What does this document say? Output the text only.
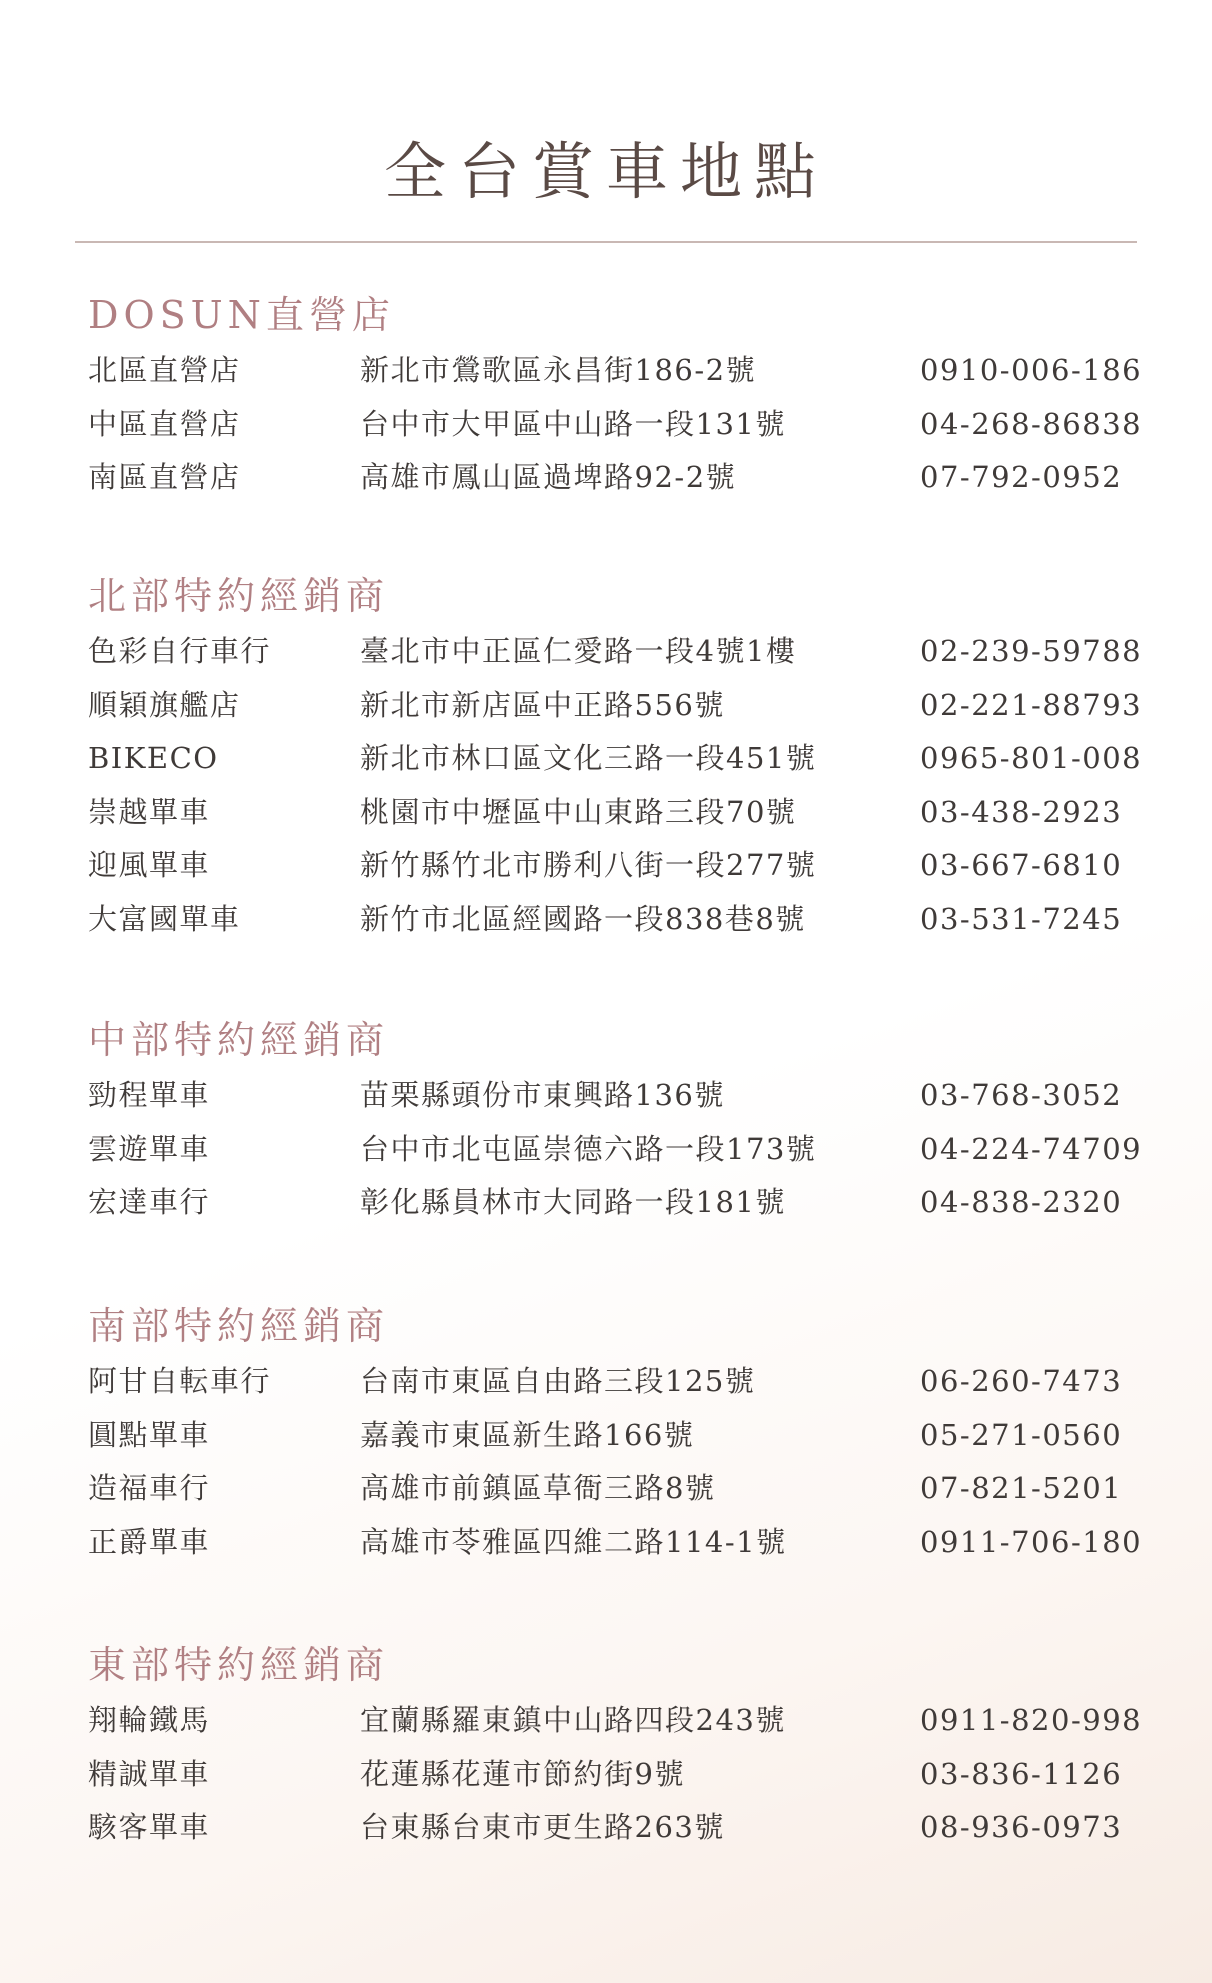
全台賞車地點
DOSUN直營店
北區直營店	新北市鶯歌區永昌街186-2號	0910-006-186
中區直營店	台中市大甲區中山路一段131號	04-268-86838
南區直營店	高雄市鳳山區過埤路92-2號	07-792-0952
北部特約經銷商
色彩自行車行	臺北市中正區仁愛路一段4號1樓	02-239-59788
順穎旗艦店	新北市新店區中正路556號	02-221-88793
BIKECO	新北市林口區文化三路一段451號	0965-801-008
崇越單車	桃園市中壢區中山東路三段70號	03-438-2923
迎風單車	新竹縣竹北市勝利八街一段277號	03-667-6810
大富國單車	新竹市北區經國路一段838巷8號	03-531-7245
中部特約經銷商
勁程單車	苗栗縣頭份市東興路136號	03-768-3052
雲遊單車	台中市北屯區崇德六路一段173號	04-224-74709
宏達車行	彰化縣員林市大同路一段181號	04-838-2320
南部特約經銷商
阿甘自転車行	台南市東區自由路三段125號	06-260-7473
圓點單車	嘉義市東區新生路166號	05-271-0560
造福車行	高雄市前鎮區草衙三路8號	07-821-5201
正爵單車	高雄市苓雅區四維二路114-1號	0911-706-180
東部特約經銷商
翔輪鐵馬	宜蘭縣羅東鎮中山路四段243號	0911-820-998
精誠單車	花蓮縣花蓮市節約街9號	03-836-1126
駭客單車	台東縣台東市更生路263號	08-936-0973
